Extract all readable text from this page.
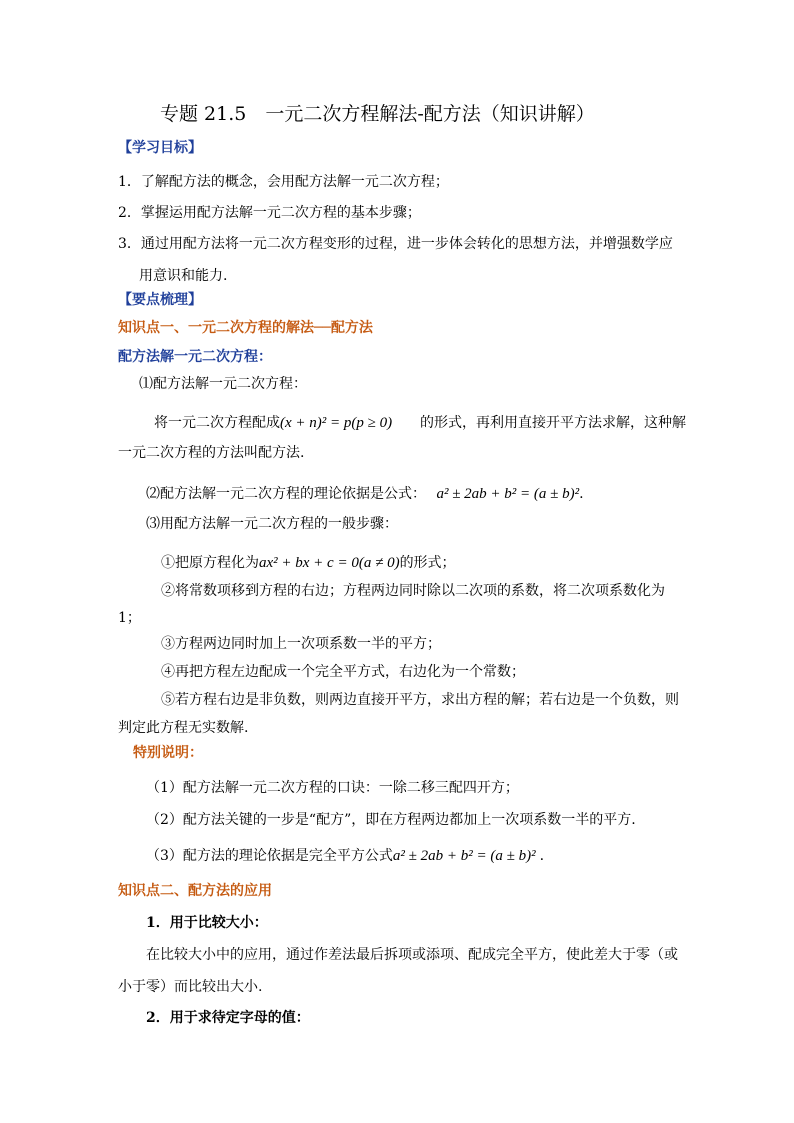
专题 21.5　一元二次方程解法-配方法（知识讲解）
【学习目标】
1．了解配方法的概念，会用配方法解一元二次方程；
2．掌握运用配方法解一元二次方程的基本步骤；
3．通过用配方法将一元二次方程变形的过程，进一步体会转化的思想方法，并增强数学应
用意识和能力.
【要点梳理】
知识点一、一元二次方程的解法──配方法
配方法解一元二次方程：
⑴配方法解一元二次方程：
将一元二次方程配成(x + n)² = p(p ≥ 0) 的形式，再利用直接开平方法求解，这种解
一元二次方程的方法叫配方法.
⑵配方法解一元二次方程的理论依据是公式： a² ± 2ab + b² = (a ± b)².
⑶用配方法解一元二次方程的一般步骤：
①把原方程化为ax² + bx + c = 0(a ≠ 0)的形式；
②将常数项移到方程的右边；方程两边同时除以二次项的系数，将二次项系数化为
1；
③方程两边同时加上一次项系数一半的平方；
④再把方程左边配成一个完全平方式，右边化为一个常数；
⑤若方程右边是非负数，则两边直接开平方，求出方程的解；若右边是一个负数，则
判定此方程无实数解.
特别说明：
（1）配方法解一元二次方程的口诀：一除二移三配四开方；
（2）配方法关键的一步是“配方”，即在方程两边都加上一次项系数一半的平方.
（3）配方法的理论依据是完全平方公式a² ± 2ab + b² = (a ± b)² .
知识点二、配方法的应用
1．用于比较大小：
在比较大小中的应用，通过作差法最后拆项或添项、配成完全平方，使此差大于零（或
小于零）而比较出大小.
2．用于求待定字母的值：
